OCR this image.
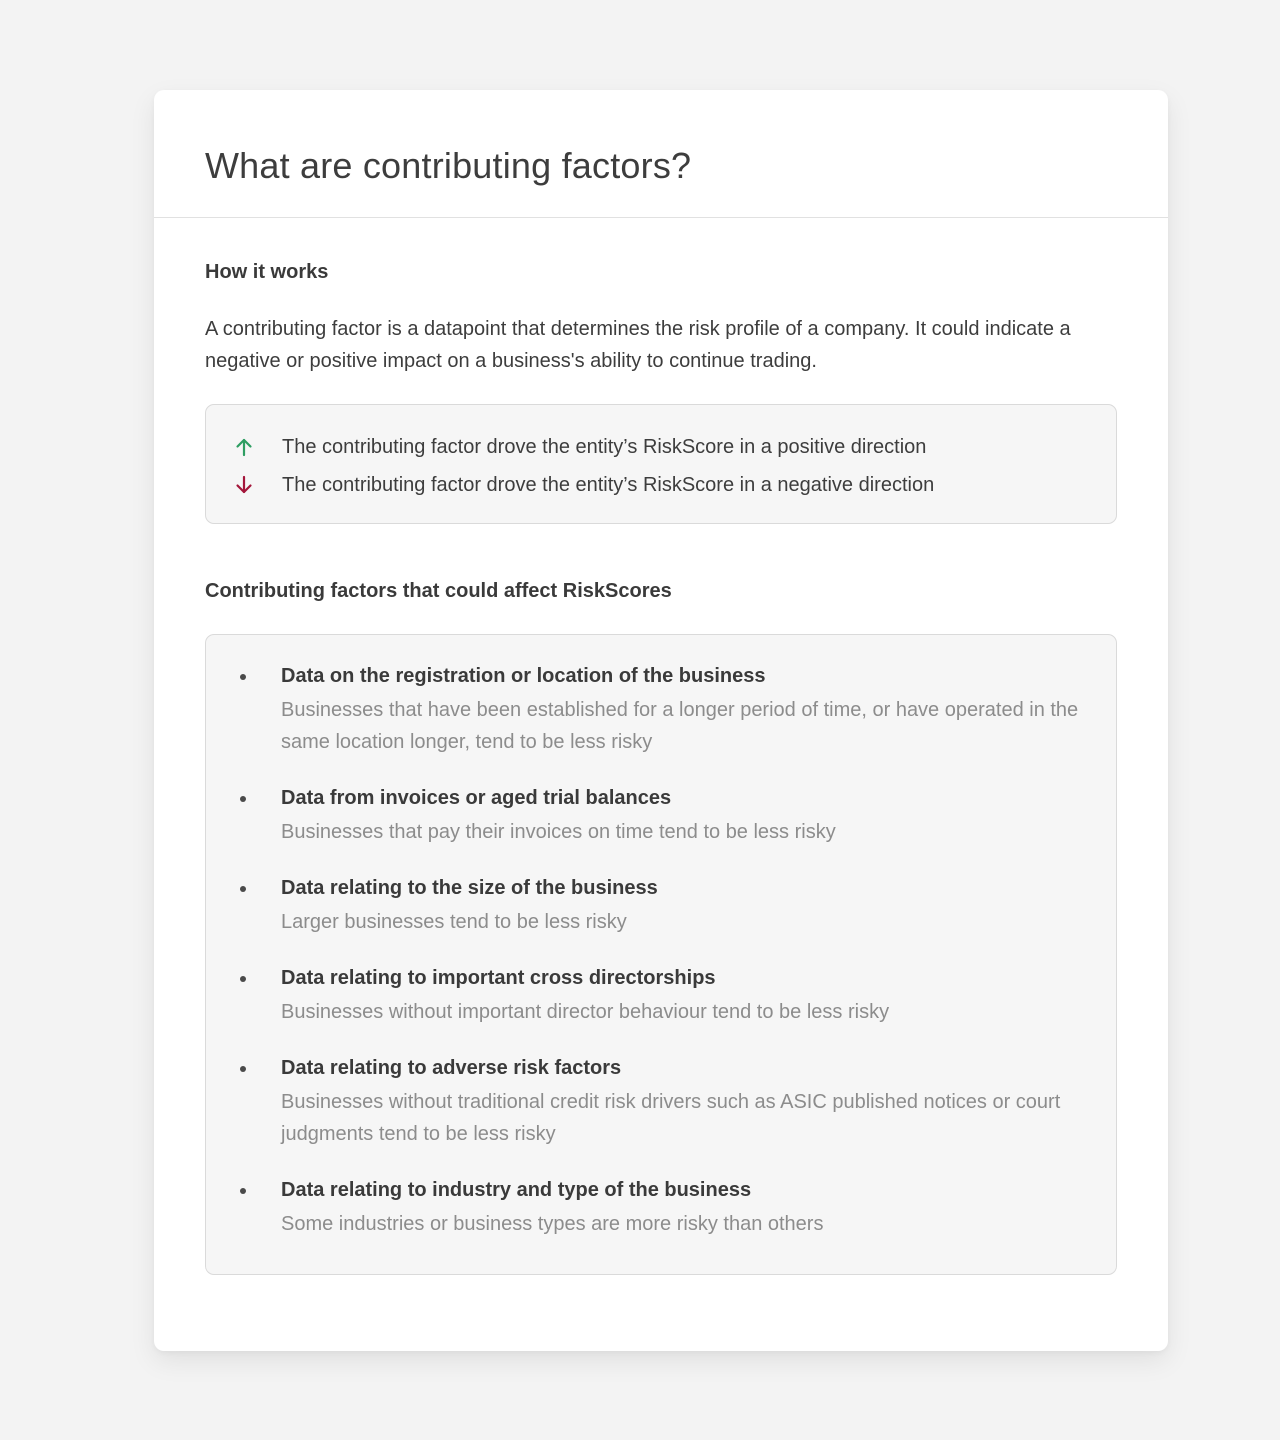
What are contributing factors?
How it works

A contributing factor is a datapoint that determines the risk profile of a company. It could indicate a negative or positive impact on a business's ability to continue trading.

The contributing factor drove the entity’s RiskScore in a positive direction
The contributing factor drove the entity’s RiskScore in a negative direction
Contributing factors that could affect RiskScores

Data on the registration or location of the business

Businesses that have been established for a longer period of time, or have operated in the same location longer, tend to be less risky

Data from invoices or aged trial balances

Businesses that pay their invoices on time tend to be less risky

Data relating to the size of the business

Larger businesses tend to be less risky

Data relating to important cross directorships

Businesses without important director behaviour tend to be less risky

Data relating to adverse risk factors

Businesses without traditional credit risk drivers such as ASIC published notices or court judgments tend to be less risky

Data relating to industry and type of the business

Some industries or business types are more risky than others
